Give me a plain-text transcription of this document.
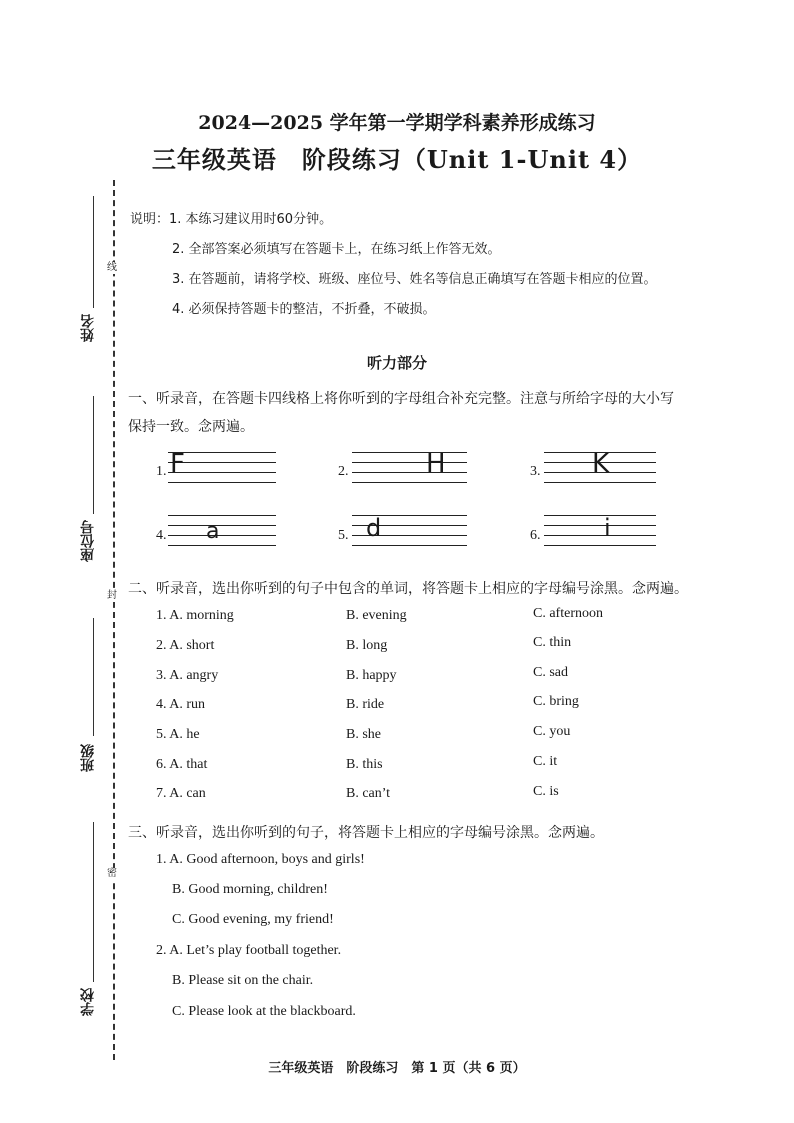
线
封
密
姓名
座位号
班级
学校
2024—2025 学年第一学期学科素养形成练习
三年级英语　阶段练习（Unit 1-Unit 4）
说明：1. 本练习建议用时60分钟。
2. 全部答案必须填写在答题卡上，在练习纸上作答无效。
3. 在答题前，请将学校、班级、座位号、姓名等信息正确填写在答题卡相应的位置。
4. 必须保持答题卡的整洁，不折叠，不破损。
听力部分
一、听录音，在答题卡四线格上将你听到的字母组合补充完整。注意与所给字母的大小写
保持一致。念两遍。
1. F	2.	H	3. K
4. a	5. d	6.	i
二、听录音，选出你听到的句子中包含的单词，将答题卡上相应的字母编号涂黑。念两遍。
1. A. morning	B. evening	C. afternoon
2. A. short	B. long	C. thin
3. A. angry	B. happy	C. sad
4. A. run	B. ride	C. bring
5. A. he	B. she	C. you
6. A. that	B. this	C. it
7. A. can	B. can’t	C. is
三、听录音，选出你听到的句子，将答题卡上相应的字母编号涂黑。念两遍。
1. A. Good afternoon, boys and girls!
B. Good morning, children!
C. Good evening, my friend!
2. A. Let’s play football together.
B. Please sit on the chair.
C. Please look at the blackboard.
三年级英语　阶段练习　第 1 页（共 6 页）
